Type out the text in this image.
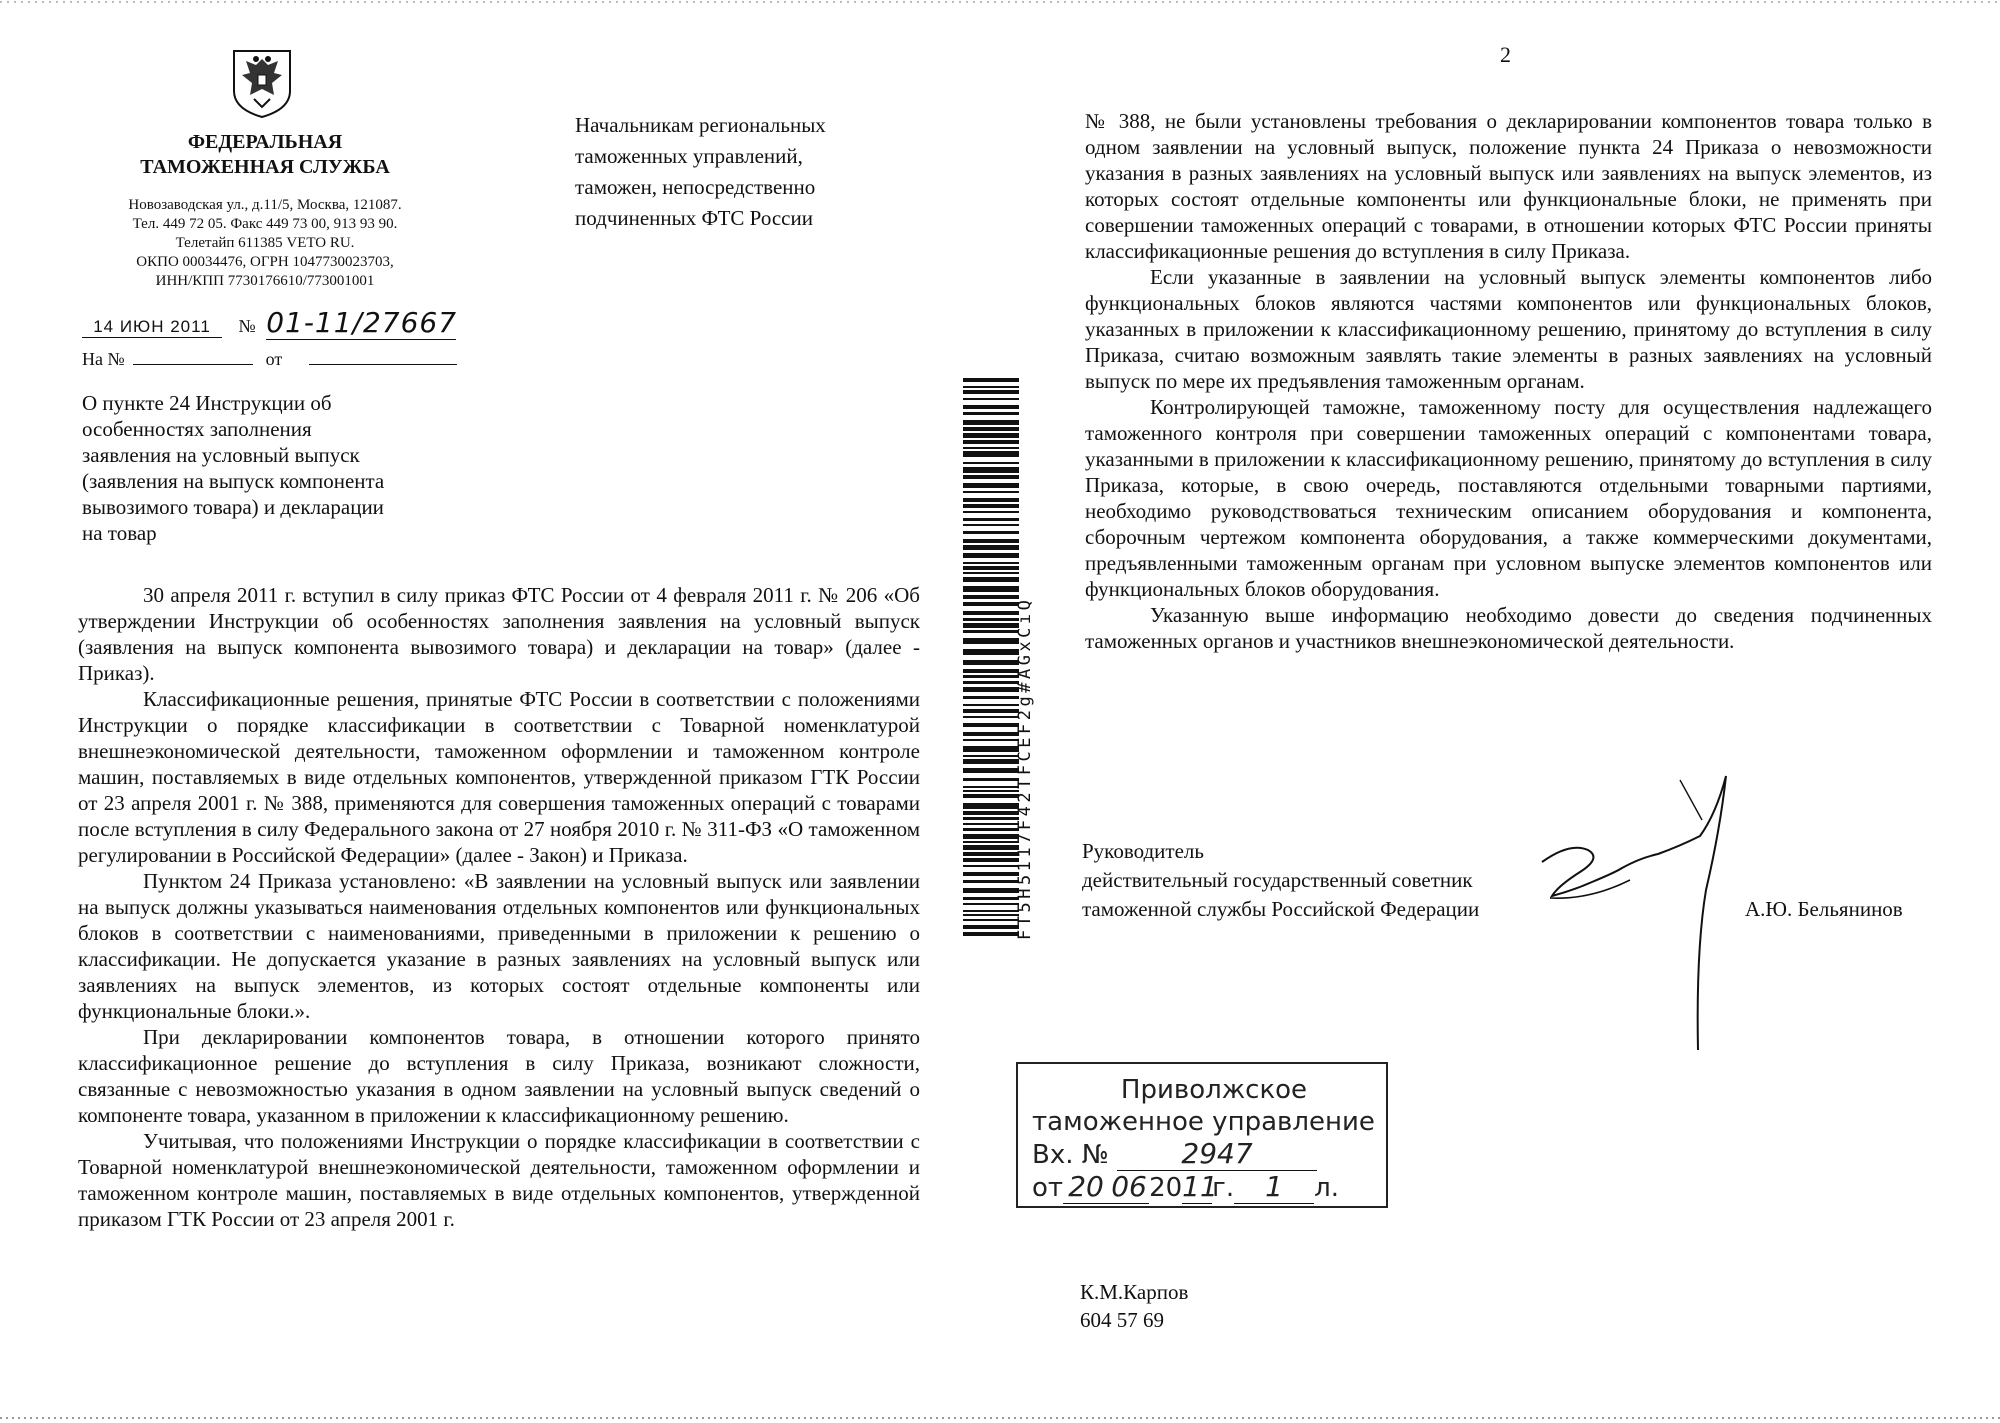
ФЕДЕРАЛЬНАЯ
ТАМОЖЕННАЯ СЛУЖБА
Новозаводская ул., д.11/5, Москва, 121087.
Тел. 449 72 05. Факс 449 73 00, 913 93 90.
Телетайп 611385 VETO RU.
ОКПО 00034476, ОГРН 1047730023703,
ИНН/КПП 7730176610/773001001
14 ИЮН 2011 № 01-11/27667
На №	от
Начальникам региональных
таможенных управлений,
таможен, непосредственно
подчиненных ФТС России
О пункте 24 Инструкции об
особенностях заполнения
заявления на условный выпуск
(заявления на выпуск компонента
вывозимого товара) и декларации
на товар

30 апреля 2011 г. вступил в силу приказ ФТС России от 4 февраля 2011 г. № 206 «Об утверждении Инструкции об особенностях заполнения заявления на условный выпуск (заявления на выпуск компонента вывозимого товара) и декларации на товар» (далее - Приказ).

Классификационные решения, принятые ФТС России в соответствии с положениями Инструкции о порядке классификации в соответствии с Товарной номенклатурой внешнеэкономической деятельности, таможенном оформлении и таможенном контроле машин, поставляемых в виде отдельных компонентов, утвержденной приказом ГТК России от 23 апреля 2001 г. № 388, применяются для совершения таможенных операций с товарами после вступления в силу Федерального закона от 27 ноября 2010 г. № 311-ФЗ «О таможенном регулировании в Российской Федерации» (далее - Закон) и Приказа.

Пунктом 24 Приказа установлено: «В заявлении на условный выпуск или заявлении на выпуск должны указываться наименования отдельных компонентов или функциональных блоков в соответствии с наименованиями, приведенными в приложении к решению о классификации. Не допускается указание в разных заявлениях на условный выпуск или заявлениях на выпуск элементов, из которых состоят отдельные компоненты или функциональные блоки.».

При декларировании компонентов товара, в отношении которого принято классификационное решение до вступления в силу Приказа, возникают сложности, связанные с невозможностью указания в одном заявлении на условный выпуск сведений о компоненте товара, указанном в приложении к классификационному решению.

Учитывая, что положениями Инструкции о порядке классификации в соответствии с Товарной номенклатурой внешнеэкономической деятельности, таможенном оформлении и таможенном контроле машин, поставляемых в виде отдельных компонентов, утвержденной приказом ГТК России от 23 апреля 2001 г.

2

№ 388, не были установлены требования о декларировании компонентов товара только в одном заявлении на условный выпуск, положение пункта 24 Приказа о невозможности указания в разных заявлениях на условный выпуск или заявлениях на выпуск элементов, из которых состоят отдельные компоненты или функциональные блоки, не применять при совершении таможенных операций с товарами, в отношении которых ФТС России приняты классификационные решения до вступления в силу Приказа.

Если указанные в заявлении на условный выпуск элементы компонентов либо функциональных блоков являются частями компонентов или функциональных блоков, указанных в приложении к классификационному решению, принятому до вступления в силу Приказа, считаю возможным заявлять такие элементы в разных заявлениях на условный выпуск по мере их предъявления таможенным органам.

Контролирующей таможне, таможенному посту для осуществления надлежащего таможенного контроля при совершении таможенных операций с компонентами товара, указанными в приложении к классификационному решению, принятому до вступления в силу Приказа, которые, в свою очередь, поставляются отдельными товарными партиями, необходимо руководствоваться техническим описанием оборудования и компонента, сборочным чертежом компонента оборудования, а также коммерческими документами, предъявленными таможенным органам при условном выпуске элементов компонентов или функциональных блоков оборудования.

Указанную выше информацию необходимо довести до сведения подчиненных таможенных органов и участников внешнеэкономической деятельности.

FT5H5117F42TFCEF2g#AGxCiQ Руководитель
действительный государственный советник
таможенной службы Российской Федерации	А.Ю. Бельянинов
Приволжское
таможенное управление
Вх. №	2947
от 20 062011г. 1 л.
К.М.Карпов
604 57 69
